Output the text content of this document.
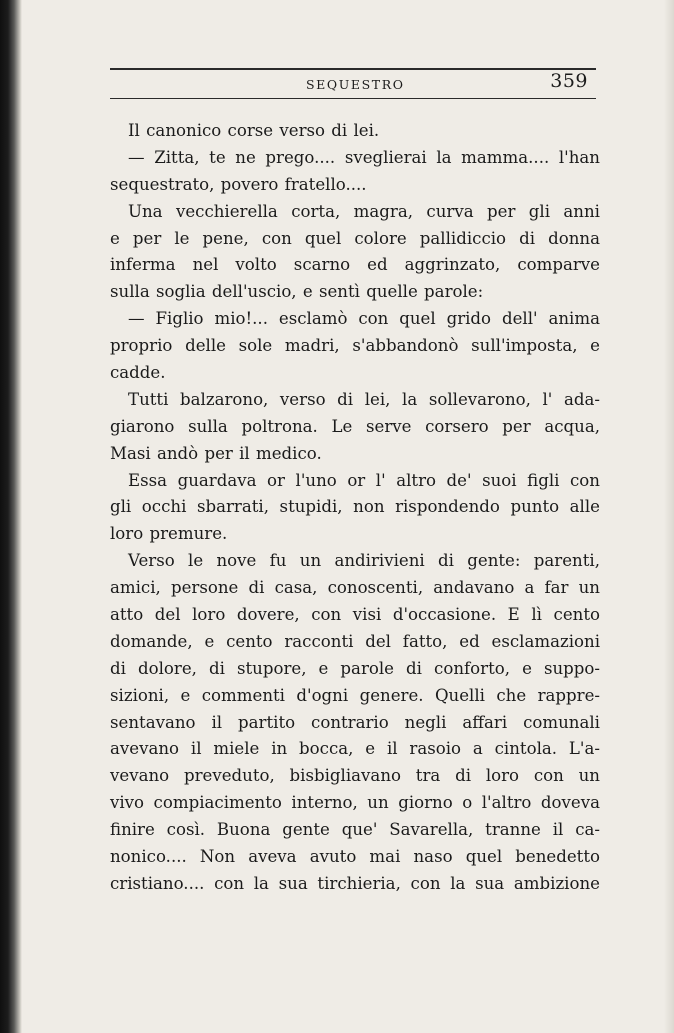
SEQUESTRO	359
Il canonico corse verso di lei.
— Zitta, te ne prego.... sveglierai la mamma.... l'han
sequestrato, povero fratello....
Una vecchierella corta, magra, curva per gli anni
e per le pene, con quel colore pallidiccio di donna
inferma nel volto scarno ed aggrinzato, comparve
sulla soglia dell'uscio, e sentì quelle parole:
— Figlio mio!... esclamò con quel grido dell' anima
proprio delle sole madri, s'abbandonò sull'imposta, e
cadde.
Tutti balzarono, verso di lei, la sollevarono, l' ada-
giarono sulla poltrona. Le serve corsero per acqua,
Masi andò per il medico.
Essa guardava or l'uno or l' altro de' suoi figli con
gli occhi sbarrati, stupidi, non rispondendo punto alle
loro premure.
Verso le nove fu un andirivieni di gente: parenti,
amici, persone di casa, conoscenti, andavano a far un
atto del loro dovere, con visi d'occasione. E lì cento
domande, e cento racconti del fatto, ed esclamazioni
di dolore, di stupore, e parole di conforto, e suppo-
sizioni, e commenti d'ogni genere. Quelli che rappre-
sentavano il partito contrario negli affari comunali
avevano il miele in bocca, e il rasoio a cintola. L'a-
vevano preveduto, bisbigliavano tra di loro con un
vivo compiacimento interno, un giorno o l'altro doveva
finire così. Buona gente que' Savarella, tranne il ca-
nonico.... Non aveva avuto mai naso quel benedetto
cristiano.... con la sua tirchieria, con la sua ambizione
